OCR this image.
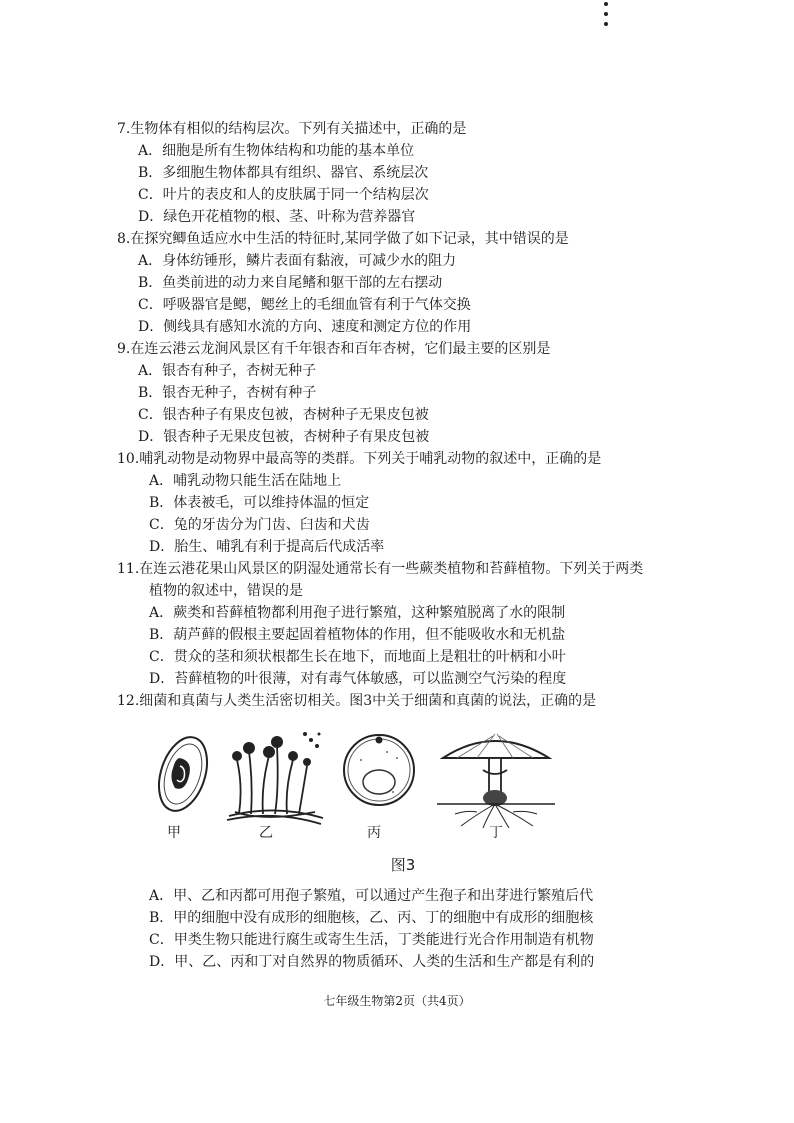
7.生物体有相似的结构层次。下列有关描述中，正确的是
A．细胞是所有生物体结构和功能的基本单位
B．多细胞生物体都具有组织、器官、系统层次
C．叶片的表皮和人的皮肤属于同一个结构层次
D．绿色开花植物的根、茎、叶称为营养器官
8.在探究鲫鱼适应水中生活的特征时,某同学做了如下记录，其中错误的是
A．身体纺锤形，鳞片表面有黏液，可减少水的阻力
B．鱼类前进的动力来自尾鳍和躯干部的左右摆动
C．呼吸器官是鳃，鳃丝上的毛细血管有利于气体交换
D．侧线具有感知水流的方向、速度和测定方位的作用
9.在连云港云龙涧风景区有千年银杏和百年杏树，它们最主要的区别是
A．银杏有种子，杏树无种子
B．银杏无种子，杏树有种子
C．银杏种子有果皮包被，杏树种子无果皮包被
D．银杏种子无果皮包被，杏树种子有果皮包被
10.哺乳动物是动物界中最高等的类群。下列关于哺乳动物的叙述中，正确的是
A．哺乳动物只能生活在陆地上
B．体表被毛，可以维持体温的恒定
C．兔的牙齿分为门齿、臼齿和犬齿
D．胎生、哺乳有利于提高后代成活率
11.在连云港花果山风景区的阴湿处通常长有一些蕨类植物和苔藓植物。下列关于两类
植物的叙述中，错误的是
A．蕨类和苔藓植物都利用孢子进行繁殖，这种繁殖脱离了水的限制
B．葫芦藓的假根主要起固着植物体的作用，但不能吸收水和无机盐
C．贯众的茎和须状根都生长在地下，而地面上是粗壮的叶柄和小叶
D．苔藓植物的叶很薄，对有毒气体敏感，可以监测空气污染的程度
12.细菌和真菌与人类生活密切相关。图3中关于细菌和真菌的说法，正确的是
甲	乙	丙	丁
图3
A．甲、乙和丙都可用孢子繁殖，可以通过产生孢子和出芽进行繁殖后代
B．甲的细胞中没有成形的细胞核，乙、丙、丁的细胞中有成形的细胞核
C．甲类生物只能进行腐生或寄生生活，丁类能进行光合作用制造有机物
D．甲、乙、丙和丁对自然界的物质循环、人类的生活和生产都是有利的
七年级生物第2页（共4页）
